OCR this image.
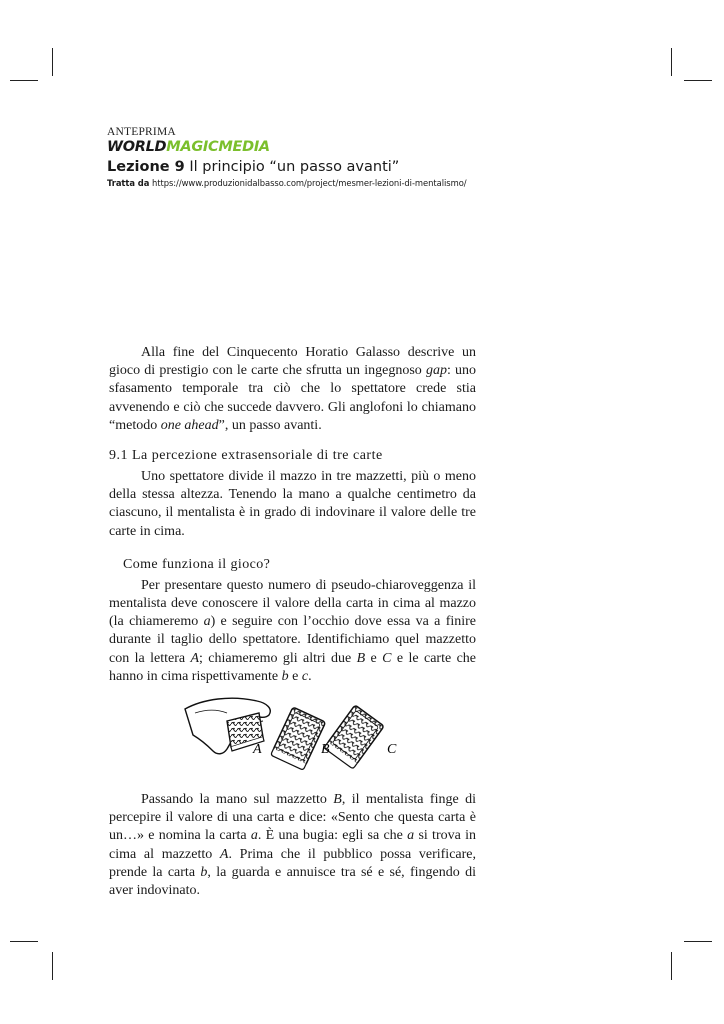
ANTEPRIMA
WORLDMAGICMEDIA
Lezione 9 Il principio “un passo avanti”
Tratta da https://www.produzionidalbasso.com/project/mesmer-lezioni-di-mentalismo/

Alla fine del Cinquecento Horatio Galasso descrive un gioco di prestigio con le carte che sfrutta un ingegnoso gap: uno sfasamento temporale tra ciò che lo spettatore crede stia avvenendo e ciò che succede davvero. Gli anglofoni lo chiamano “metodo one ahead”, un passo avanti.

9.1 La percezione extrasensoriale di tre carte

Uno spettatore divide il mazzo in tre mazzetti, più o meno della stessa altezza. Tenendo la mano a qualche centimetro da ciascuno, il mentalista è in grado di indovinare il valore delle tre carte in cima.

Come funziona il gioco?

Per presentare questo numero di pseudo-chiaroveggenza il mentalista deve conoscere il valore della carta in cima al mazzo (la chiameremo a) e seguire con l’occhio dove essa va a finire durante il taglio dello spettatore. Identifichiamo quel mazzetto con la lettera A; chiameremo gli altri due B e C e le carte che hanno in cima rispettivamente b e c.

A	B	C

Passando la mano sul mazzetto B, il mentalista finge di percepire il valore di una carta e dice: «Sento che questa carta è un…» e nomina la carta a. È una bugia: egli sa che a si trova in cima al mazzetto A. Prima che il pubblico possa verificare, prende la carta b, la guarda e annuisce tra sé e sé, fingendo di aver indovinato.
